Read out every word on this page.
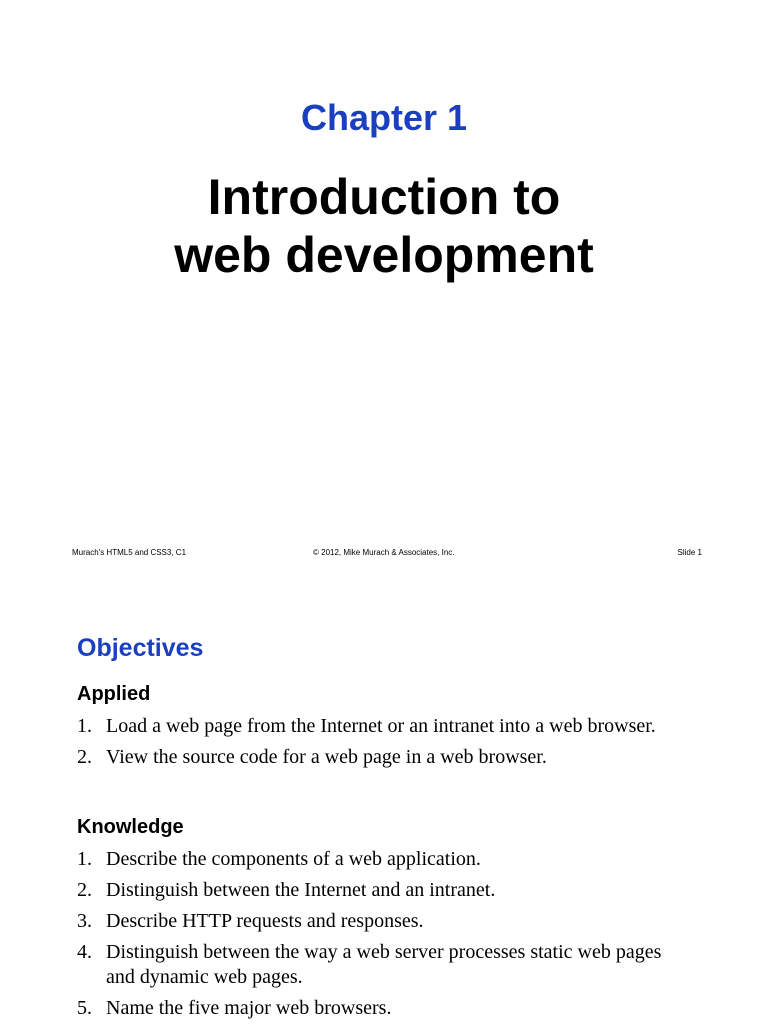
Chapter 1
Introduction to
web development
Murach's HTML5 and CSS3, C1	© 2012, Mike Murach & Associates, Inc.	Slide 1
Objectives
Applied
1. Load a web page from the Internet or an intranet into a web browser.
2. View the source code for a web page in a web browser.
Knowledge
1. Describe the components of a web application.
2. Distinguish between the Internet and an intranet.
3. Describe HTTP requests and responses.
4. Distinguish between the way a web server processes static web pages and dynamic web pages.
5. Name the five major web browsers.
